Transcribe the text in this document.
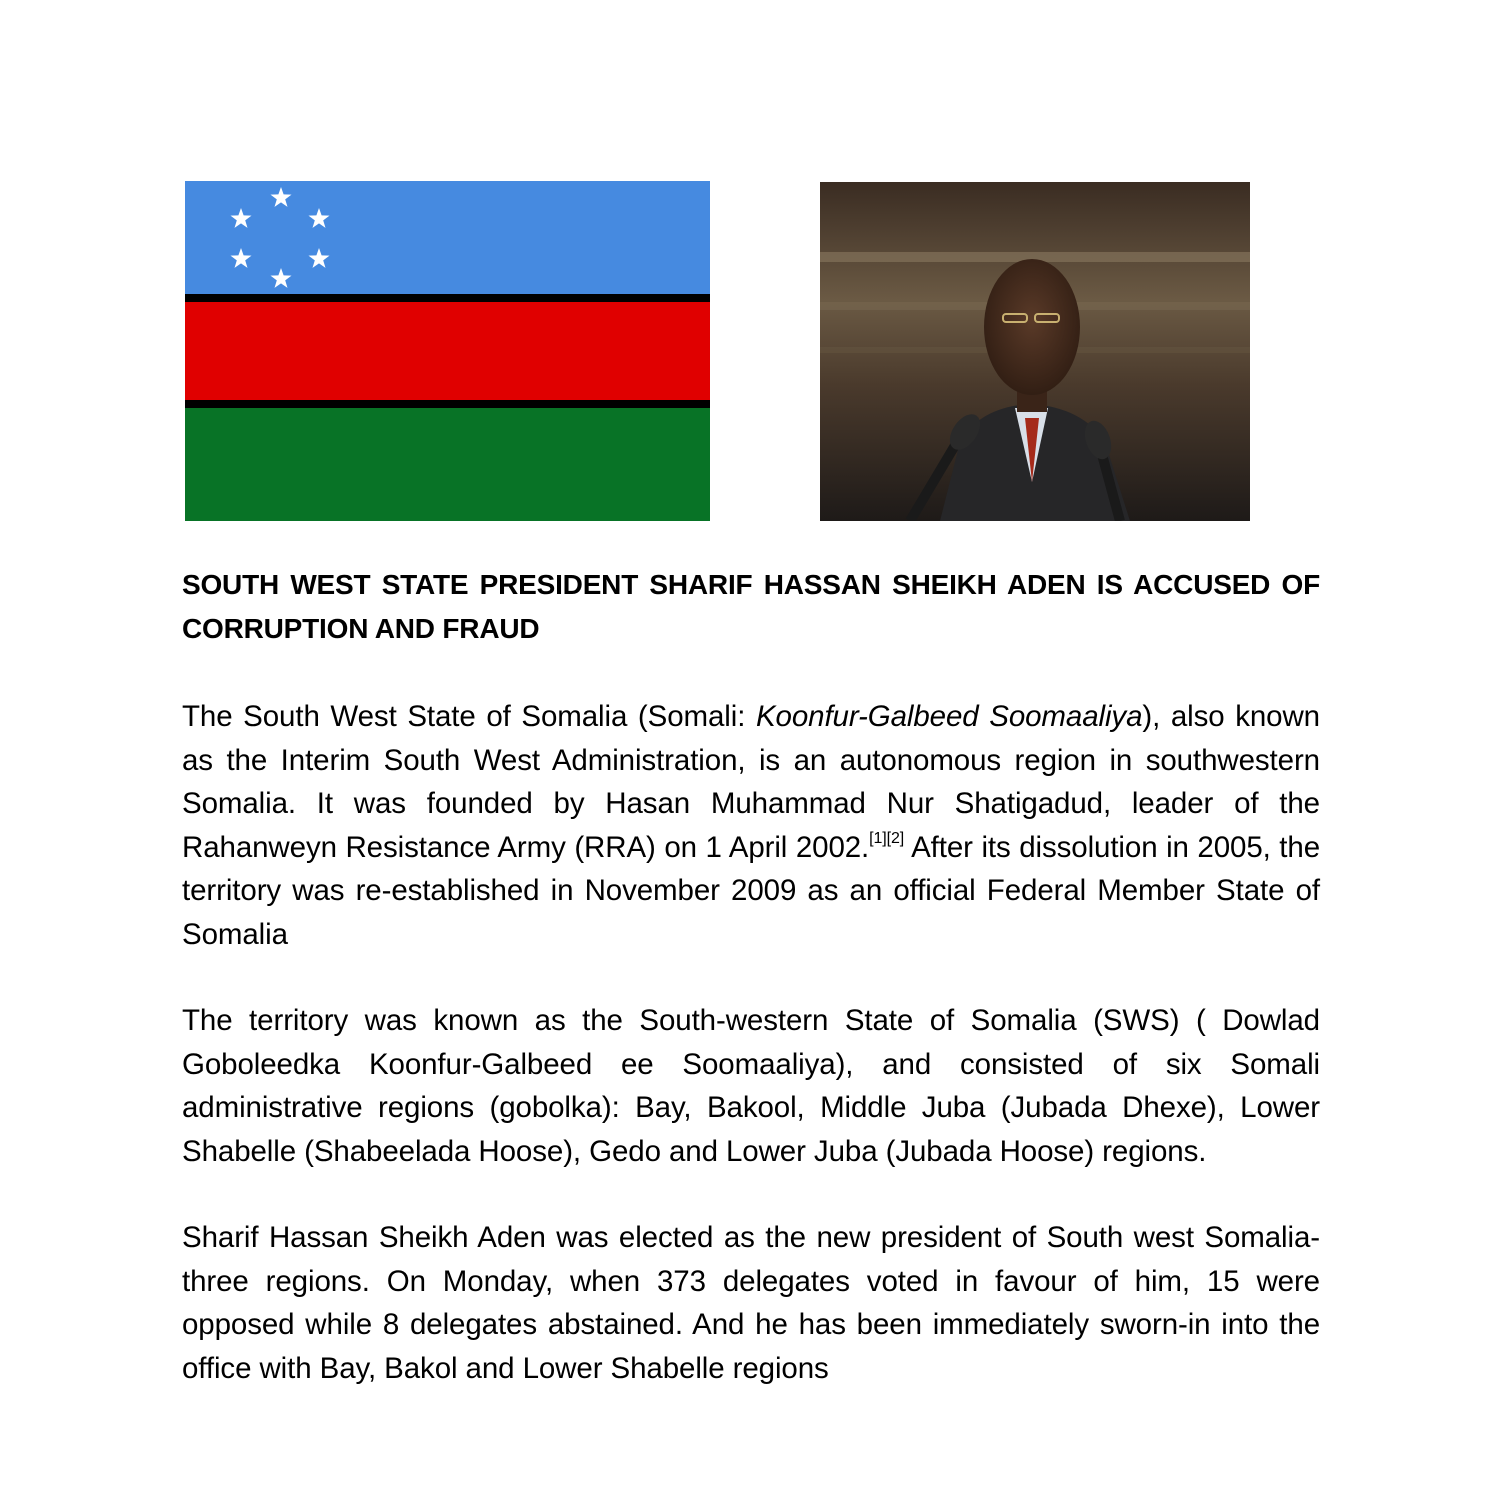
SOUTH WEST STATE PRESIDENT SHARIF HASSAN SHEIKH ADEN IS ACCUSED OF CORRUPTION AND FRAUD

The South West State of Somalia (Somali: Koonfur-Galbeed Soomaaliya), also known as the Interim South West Administration, is an autonomous region in southwestern Somalia. It was founded by Hasan Muhammad Nur Shatigadud, leader of the Rahanweyn Resistance Army (RRA) on 1 April 2002.[1][2] After its dissolution in 2005, the territory was re-established in November 2009 as an official Federal Member State of Somalia

The territory was known as the South-western State of Somalia (SWS) ( Dowlad Goboleedka Koonfur-Galbeed ee Soomaaliya), and consisted of six Somali administrative regions (gobolka): Bay, Bakool, Middle Juba (Jubada Dhexe), Lower Shabelle (Shabeelada Hoose), Gedo and Lower Juba (Jubada Hoose) regions.

Sharif Hassan Sheikh Aden was elected as the new president of South west Somalia-three regions. On Monday, when 373 delegates voted in favour of him, 15 were opposed while 8 delegates abstained. And he has been immediately sworn-in into the office with Bay, Bakol and Lower Shabelle regions
